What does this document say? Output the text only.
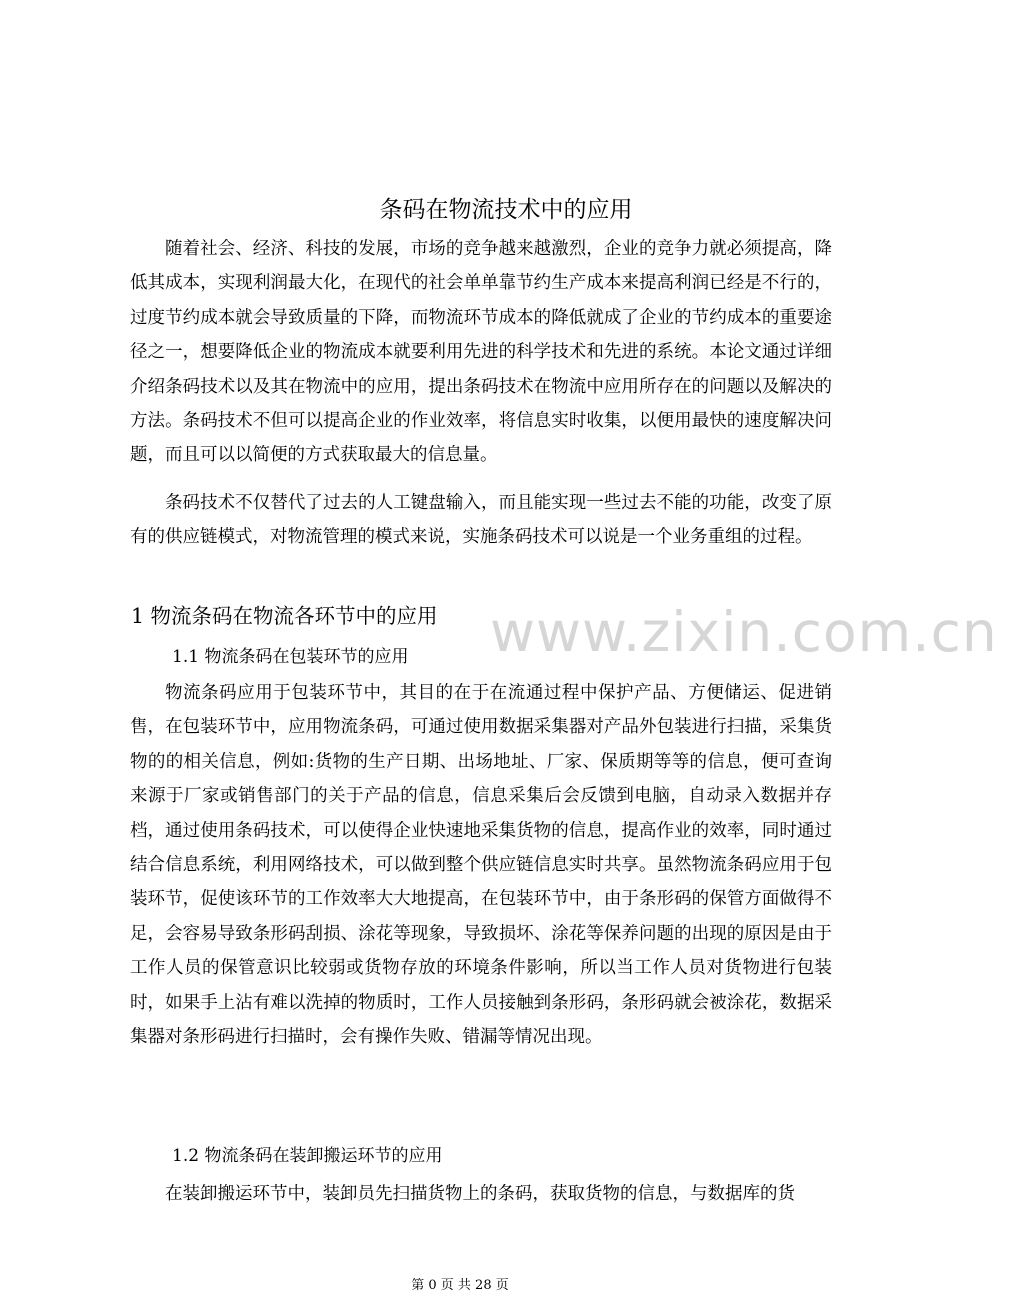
www.zixin.com.cn
条码在物流技术中的应用

随着社会、经济、科技的发展，市场的竞争越来越激烈，企业的竞争力就必须提高，降低其成本，实现利润最大化，在现代的社会单单靠节约生产成本来提高利润已经是不行的，过度节约成本就会导致质量的下降，而物流环节成本的降低就成了企业的节约成本的重要途径之一，想要降低企业的物流成本就要利用先进的科学技术和先进的系统。本论文通过详细介绍条码技术以及其在物流中的应用，提出条码技术在物流中应用所存在的问题以及解决的方法。条码技术不但可以提高企业的作业效率，将信息实时收集，以便用最快的速度解决问题，而且可以以简便的方式获取最大的信息量。

条码技术不仅替代了过去的人工键盘输入，而且能实现一些过去不能的功能，改变了原有的供应链模式，对物流管理的模式来说，实施条码技术可以说是一个业务重组的过程。

1 物流条码在物流各环节中的应用
1.1 物流条码在包装环节的应用

物流条码应用于包装环节中，其目的在于在流通过程中保护产品、方便储运、促进销售，在包装环节中，应用物流条码，可通过使用数据采集器对产品外包装进行扫描，采集货物的的相关信息，例如:货物的生产日期、出场地址、厂家、保质期等等的信息，便可查询来源于厂家或销售部门的关于产品的信息，信息采集后会反馈到电脑，自动录入数据并存档，通过使用条码技术，可以使得企业快速地采集货物的信息，提高作业的效率，同时通过结合信息系统，利用网络技术，可以做到整个供应链信息实时共享。虽然物流条码应用于包装环节，促使该环节的工作效率大大地提高，在包装环节中，由于条形码的保管方面做得不足，会容易导致条形码刮损、涂花等现象，导致损坏、涂花等保养问题的出现的原因是由于工作人员的保管意识比较弱或货物存放的环境条件影响，所以当工作人员对货物进行包装时，如果手上沾有难以洗掉的物质时，工作人员接触到条形码，条形码就会被涂花，数据采集器对条形码进行扫描时，会有操作失败、错漏等情况出现。

1.2 物流条码在装卸搬运环节的应用

在装卸搬运环节中，装卸员先扫描货物上的条码，获取货物的信息，与数据库的货

第 0 页 共 28 页
